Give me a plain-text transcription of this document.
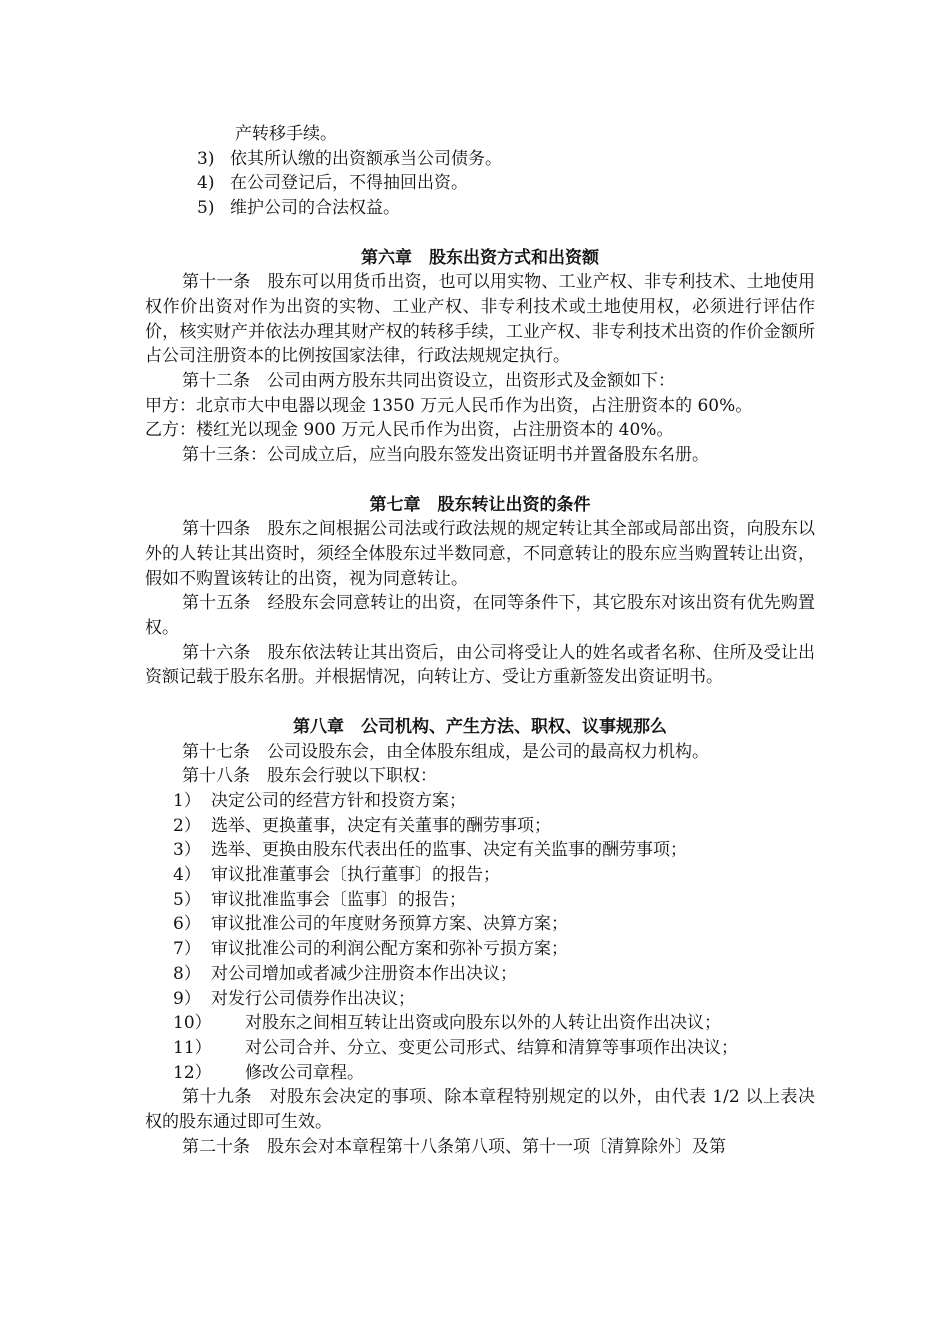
产转移手续。

3) 依其所认缴的出资额承当公司债务。

4) 在公司登记后，不得抽回出资。

5) 维护公司的合法权益。

第六章　股东出资方式和出资额

第十一条　股东可以用货币出资，也可以用实物、工业产权、非专利技术、土地使用权作价出资对作为出资的实物、工业产权、非专利技术或土地使用权，必须进行评估作价，核实财产并依法办理其财产权的转移手续，工业产权、非专利技术出资的作价金额所占公司注册资本的比例按国家法律，行政法规规定执行。

第十二条　公司由两方股东共同出资设立，出资形式及金额如下：

甲方：北京市大中电器以现金 1350 万元人民币作为出资，占注册资本的 60%。

乙方：楼红光以现金 900 万元人民币作为出资，占注册资本的 40%。

第十三条：公司成立后，应当向股东签发出资证明书并置备股东名册。

第七章　股东转让出资的条件

第十四条　股东之间根据公司法或行政法规的规定转让其全部或局部出资，向股东以外的人转让其出资时，须经全体股东过半数同意，不同意转让的股东应当购置转让出资，假如不购置该转让的出资，视为同意转让。

第十五条　经股东会同意转让的出资，在同等条件下，其它股东对该出资有优先购置权。

第十六条　股东依法转让其出资后，由公司将受让人的姓名或者名称、住所及受让出资额记载于股东名册。并根据情况，向转让方、受让方重新签发出资证明书。

第八章　公司机构、产生方法、职权、议事规那么

第十七条　公司设股东会，由全体股东组成，是公司的最高权力机构。

第十八条　股东会行驶以下职权：

1） 决定公司的经营方针和投资方案；

2） 选举、更换董事，决定有关董事的酬劳事项；

3） 选举、更换由股东代表出任的监事、决定有关监事的酬劳事项；

4） 审议批准董事会〔执行董事〕的报告；

5） 审议批准监事会〔监事〕的报告；

6） 审议批准公司的年度财务预算方案、决算方案；

7） 审议批准公司的利润公配方案和弥补亏损方案；

8） 对公司增加或者减少注册资本作出决议；

9） 对发行公司债券作出决议；

10） 对股东之间相互转让出资或向股东以外的人转让出资作出决议；

11） 对公司合并、分立、变更公司形式、结算和清算等事项作出决议；

12） 修改公司章程。

第十九条　对股东会决定的事项、除本章程特别规定的以外，由代表 1/2 以上表决权的股东通过即可生效。

第二十条　股东会对本章程第十八条第八项、第十一项〔清算除外〕及第
